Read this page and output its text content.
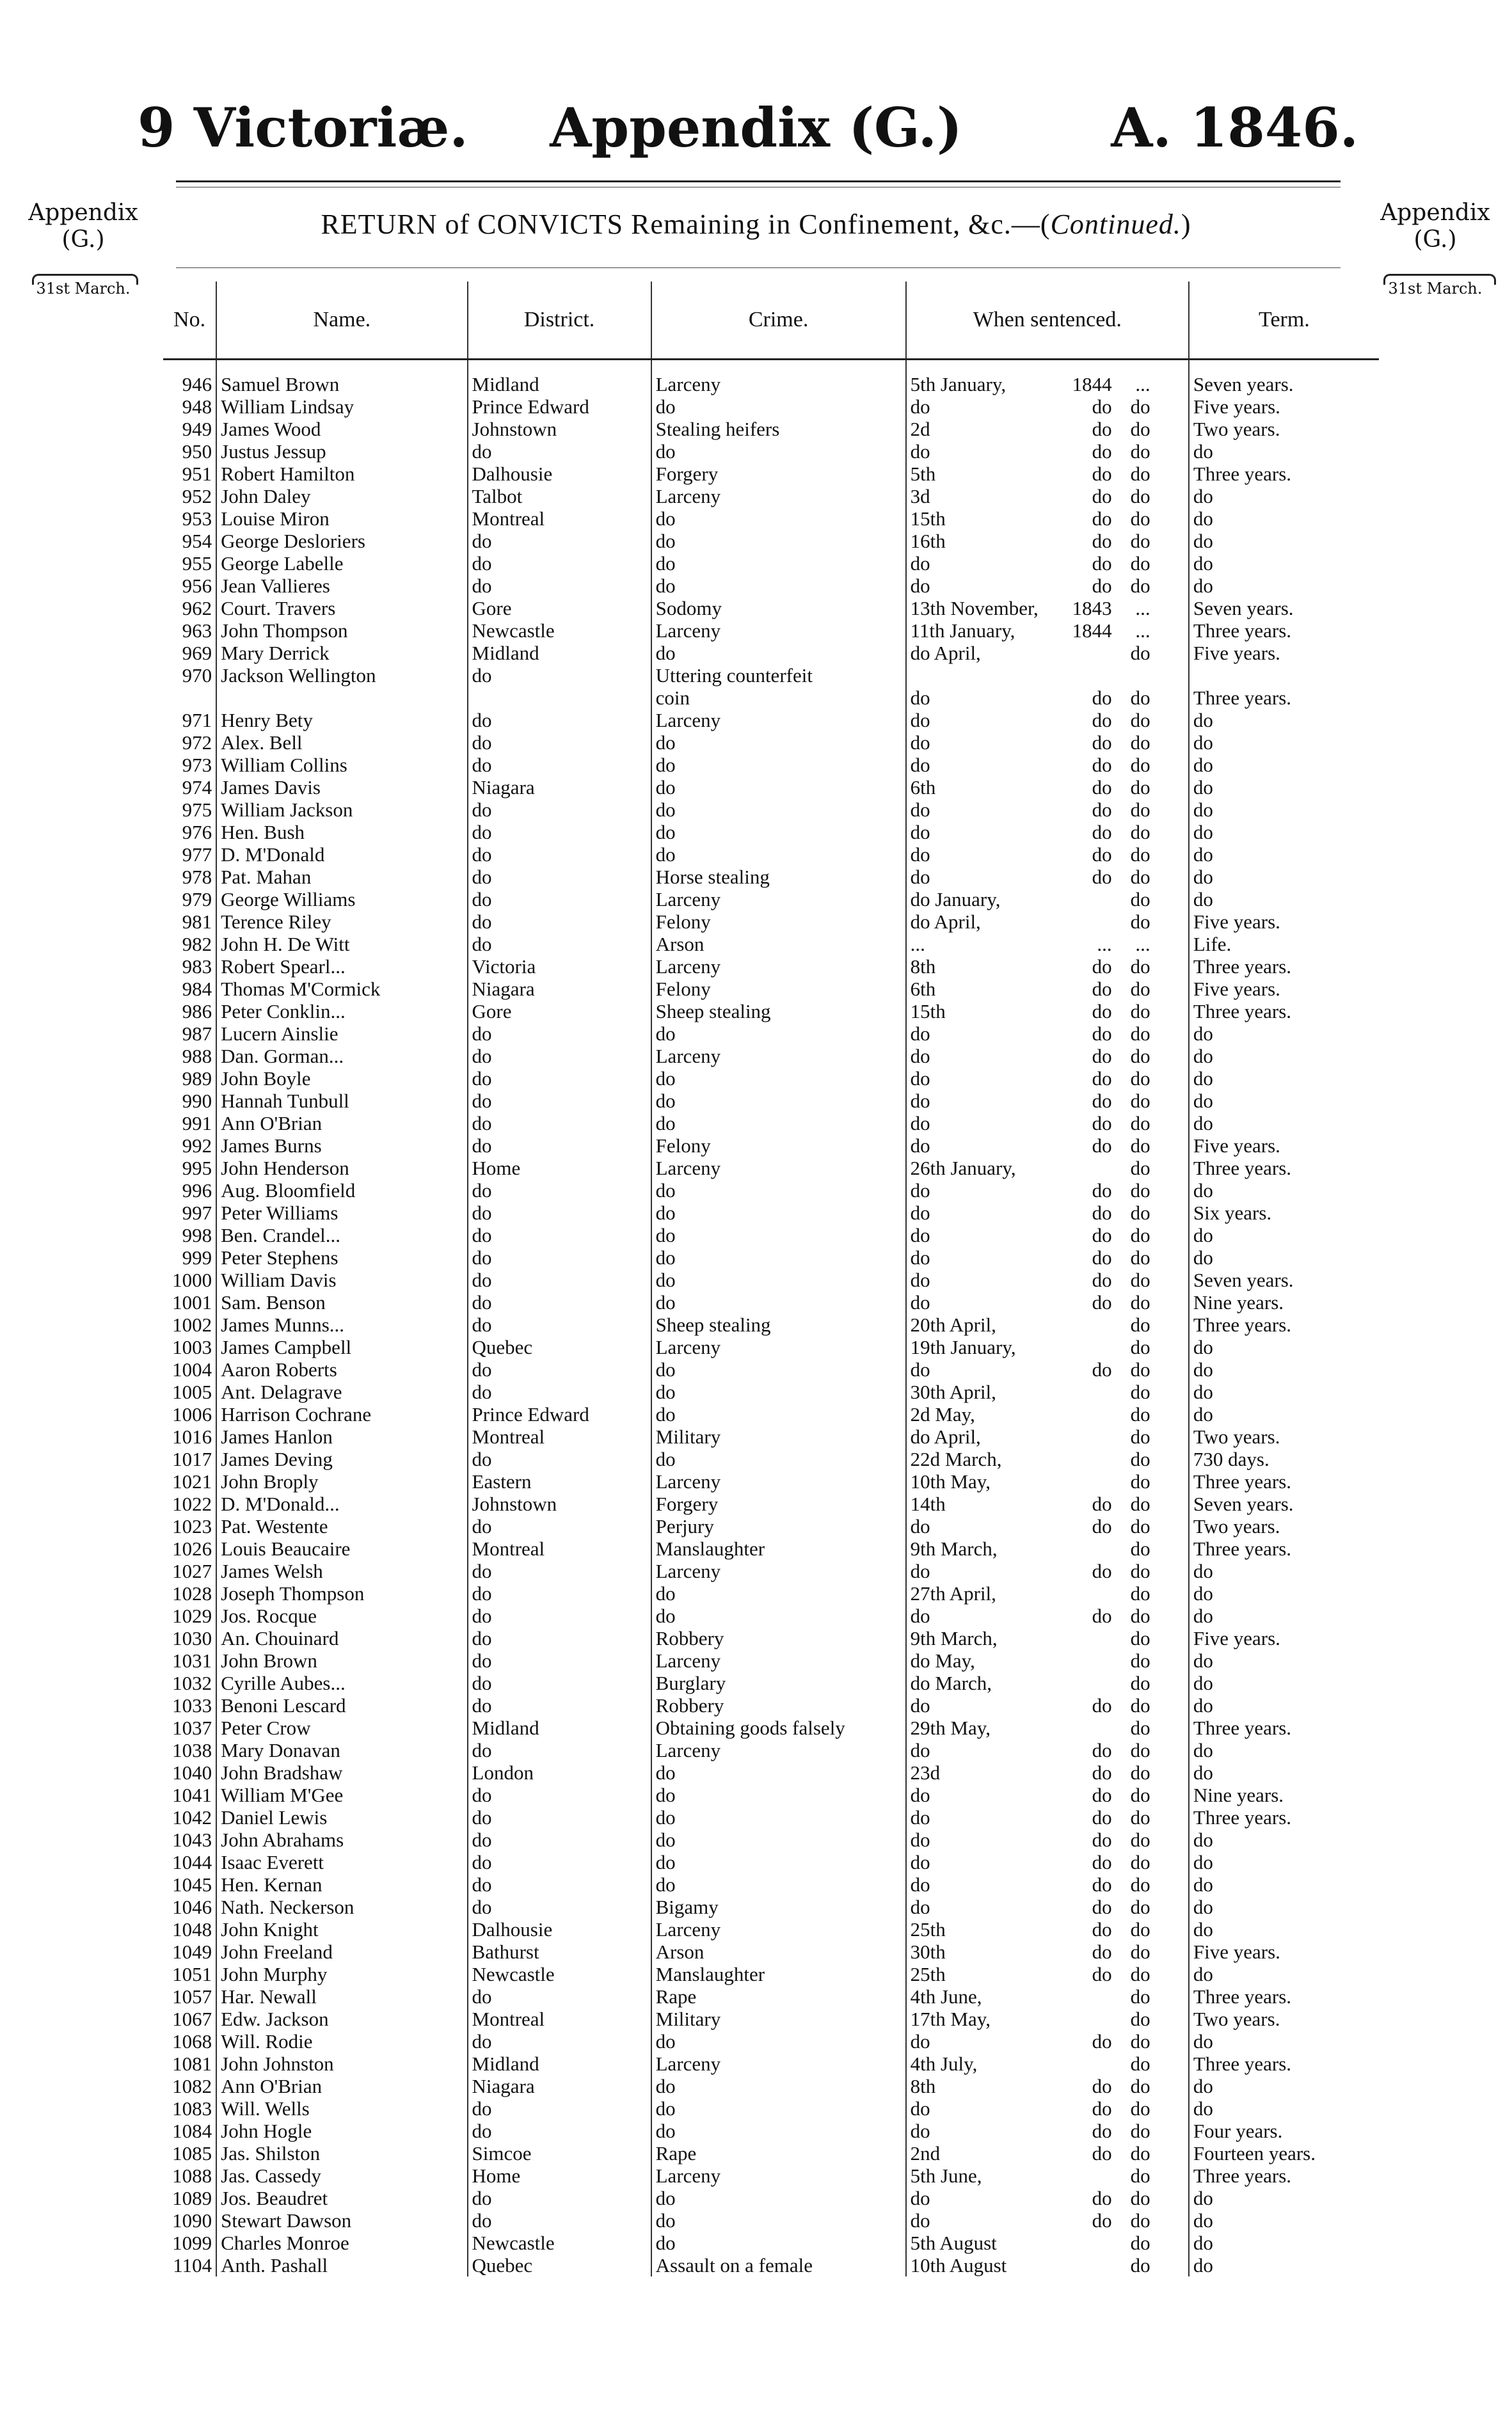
9 Victoriæ.	Appendix (G.)	A. 1846.
Appendix
(G.)
31st March.
Appendix
(G.)
31st March.
RETURN of CONVICTS Remaining in Confinement, &c.—(Continued.)
No.	Name.	District.	Crime.	When sentenced.	Term.
946	Samuel Brown	Midland	Larceny	5th January, 1844 ...	Seven years.
948	William Lindsay	Prince Edward	do	do do do	Five years.
949	James Wood	Johnstown	Stealing heifers	2d do do	Two years.
950	Justus Jessup	do	do	do do do	do
951	Robert Hamilton	Dalhousie	Forgery	5th do do	Three years.
952	John Daley	Talbot	Larceny	3d do do	do
953	Louise Miron	Montreal	do	15th do do	do
954	George Desloriers	do	do	16th do do	do
955	George Labelle	do	do	do do do	do
956	Jean Vallieres	do	do	do do do	do
962	Court. Travers	Gore	Sodomy	13th November, 1843 ...	Seven years.
963	John Thompson	Newcastle	Larceny	11th January, 1844 ...	Three years.
969	Mary Derrick	Midland	do	do April, do	Five years.
970	Jackson Wellington	do	Uttering counterfeit	

			coin	do do do	Three years.
971	Henry Bety	do	Larceny	do do do	do
972	Alex. Bell	do	do	do do do	do
973	William Collins	do	do	do do do	do
974	James Davis	Niagara	do	6th do do	do
975	William Jackson	do	do	do do do	do
976	Hen. Bush	do	do	do do do	do
977	D. M'Donald	do	do	do do do	do
978	Pat. Mahan	do	Horse stealing	do do do	do
979	George Williams	do	Larceny	do January, do	do
981	Terence Riley	do	Felony	do April, do	Five years.
982	John H. De Witt	do	Arson	... ... ...	Life.
983	Robert Spearl...	Victoria	Larceny	8th do do	Three years.
984	Thomas M'Cormick	Niagara	Felony	6th do do	Five years.
986	Peter Conklin...	Gore	Sheep stealing	15th do do	Three years.
987	Lucern Ainslie	do	do	do do do	do
988	Dan. Gorman...	do	Larceny	do do do	do
989	John Boyle	do	do	do do do	do
990	Hannah Tunbull	do	do	do do do	do
991	Ann O'Brian	do	do	do do do	do
992	James Burns	do	Felony	do do do	Five years.
995	John Henderson	Home	Larceny	26th January, do	Three years.
996	Aug. Bloomfield	do	do	do do do	do
997	Peter Williams	do	do	do do do	Six years.
998	Ben. Crandel...	do	do	do do do	do
999	Peter Stephens	do	do	do do do	do
1000	William Davis	do	do	do do do	Seven years.
1001	Sam. Benson	do	do	do do do	Nine years.
1002	James Munns...	do	Sheep stealing	20th April, do	Three years.
1003	James Campbell	Quebec	Larceny	19th January, do	do
1004	Aaron Roberts	do	do	do do do	do
1005	Ant. Delagrave	do	do	30th April, do	do
1006	Harrison Cochrane	Prince Edward	do	2d May, do	do
1016	James Hanlon	Montreal	Military	do April, do	Two years.
1017	James Deving	do	do	22d March, do	730 days.
1021	John Broply	Eastern	Larceny	10th May, do	Three years.
1022	D. M'Donald...	Johnstown	Forgery	14th do do	Seven years.
1023	Pat. Westente	do	Perjury	do do do	Two years.
1026	Louis Beaucaire	Montreal	Manslaughter	9th March, do	Three years.
1027	James Welsh	do	Larceny	do do do	do
1028	Joseph Thompson	do	do	27th April, do	do
1029	Jos. Rocque	do	do	do do do	do
1030	An. Chouinard	do	Robbery	9th March, do	Five years.
1031	John Brown	do	Larceny	do May, do	do
1032	Cyrille Aubes...	do	Burglary	do March, do	do
1033	Benoni Lescard	do	Robbery	do do do	do
1037	Peter Crow	Midland	Obtaining goods falsely	29th May, do	Three years.
1038	Mary Donavan	do	Larceny	do do do	do
1040	John Bradshaw	London	do	23d do do	do
1041	William M'Gee	do	do	do do do	Nine years.
1042	Daniel Lewis	do	do	do do do	Three years.
1043	John Abrahams	do	do	do do do	do
1044	Isaac Everett	do	do	do do do	do
1045	Hen. Kernan	do	do	do do do	do
1046	Nath. Neckerson	do	Bigamy	do do do	do
1048	John Knight	Dalhousie	Larceny	25th do do	do
1049	John Freeland	Bathurst	Arson	30th do do	Five years.
1051	John Murphy	Newcastle	Manslaughter	25th do do	do
1057	Har. Newall	do	Rape	4th June, do	Three years.
1067	Edw. Jackson	Montreal	Military	17th May, do	Two years.
1068	Will. Rodie	do	do	do do do	do
1081	John Johnston	Midland	Larceny	4th July, do	Three years.
1082	Ann O'Brian	Niagara	do	8th do do	do
1083	Will. Wells	do	do	do do do	do
1084	John Hogle	do	do	do do do	Four years.
1085	Jas. Shilston	Simcoe	Rape	2nd do do	Fourteen years.
1088	Jas. Cassedy	Home	Larceny	5th June, do	Three years.
1089	Jos. Beaudret	do	do	do do do	do
1090	Stewart Dawson	do	do	do do do	do
1099	Charles Monroe	Newcastle	do	5th August do	do
1104	Anth. Pashall	Quebec	Assault on a female	10th August do	do
